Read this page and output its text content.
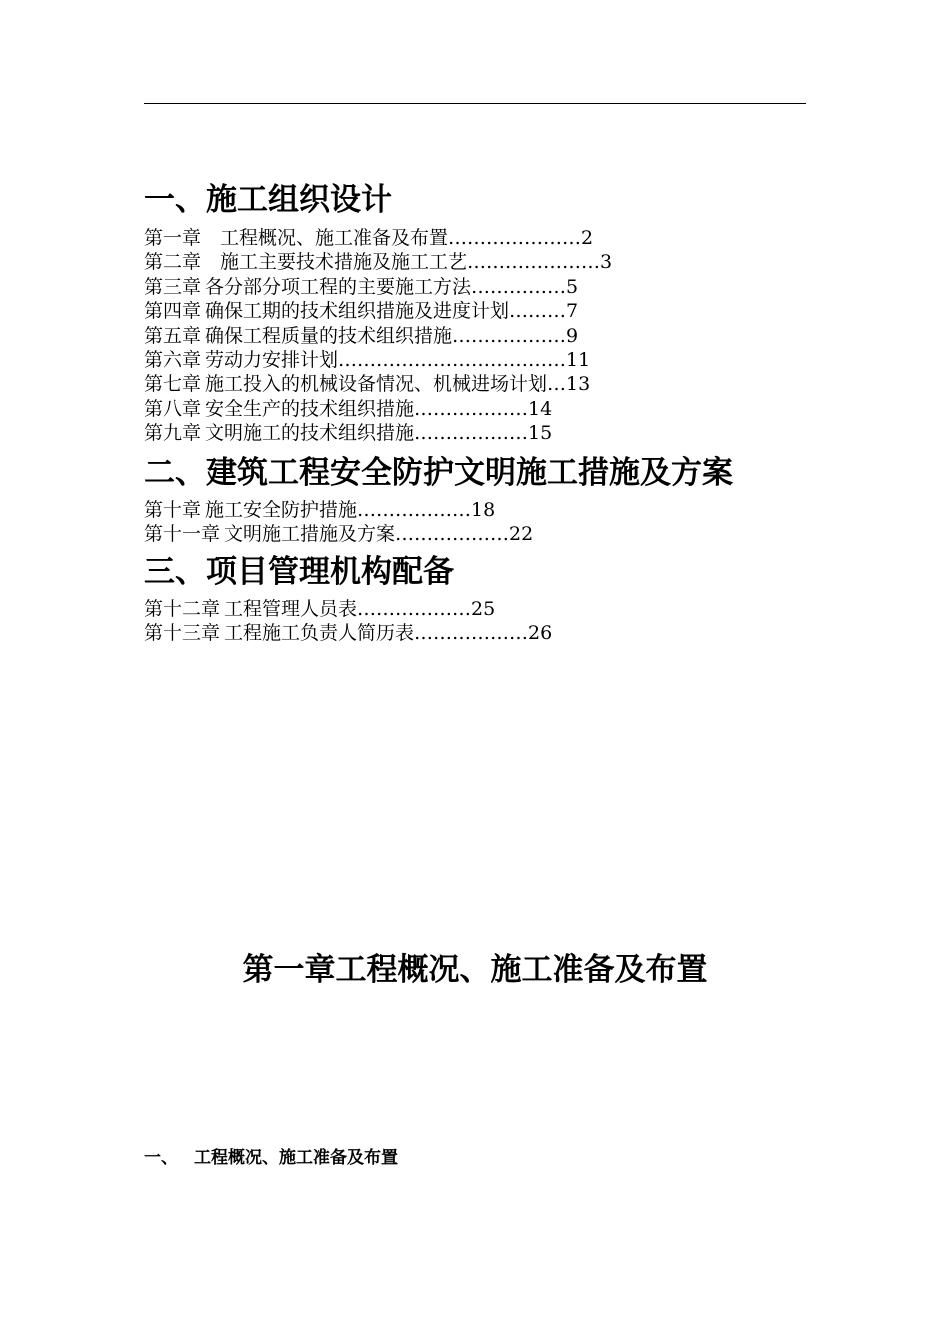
一、施工组织设计
第一章 工程概况、施工准备及布置…………………2
第二章 施工主要技术措施及施工工艺…………………3
第三章 各分部分项工程的主要施工方法……………5
第四章 确保工期的技术组织措施及进度计划………7
第五章 确保工程质量的技术组织措施………………9
第六章 劳动力安排计划………………………………11
第七章 施工投入的机械设备情况、机械进场计划…13
第八章 安全生产的技术组织措施………………14
第九章 文明施工的技术组织措施………………15
二、建筑工程安全防护文明施工措施及方案
第十章 施工安全防护措施………………18
第十一章 文明施工措施及方案………………22
三、项目管理机构配备
第十二章 工程管理人员表………………25
第十三章 工程施工负责人简历表………………26
第一章工程概况、施工准备及布置
一、 工程概况、施工准备及布置
